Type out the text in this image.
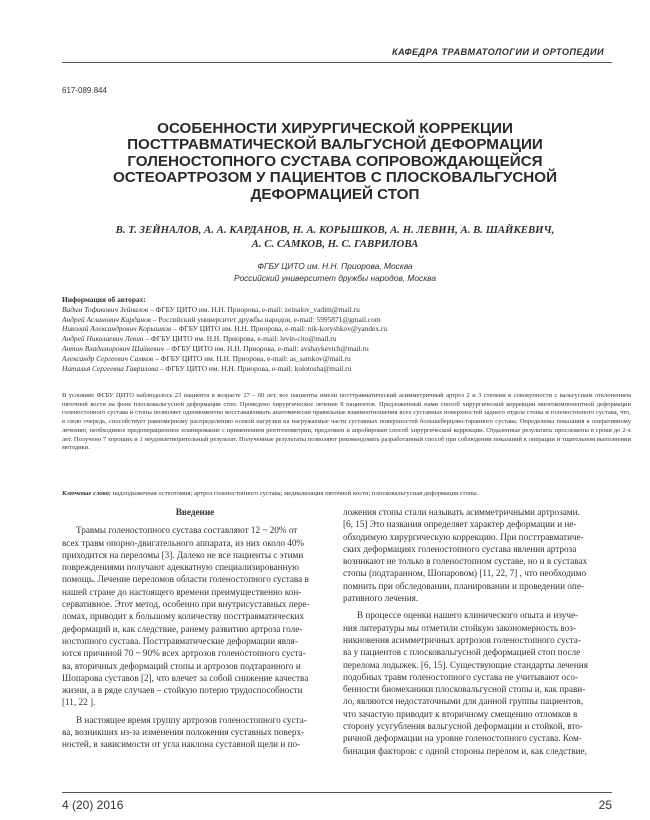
КАФЕДРА ТРАВМАТОЛОГИИ И ОРТОПЕДИИ
617-089.844
ОСОБЕННОСТИ ХИРУРГИЧЕСКОЙ КОРРЕКЦИИ
ПОСТТРАВМАТИЧЕСКОЙ ВАЛЬГУСНОЙ ДЕФОРМАЦИИ
ГОЛЕНОСТОПНОГО СУСТАВА СОПРОВОЖДАЮЩЕЙСЯ
ОСТЕОАРТРОЗОМ У ПАЦИЕНТОВ С ПЛОСКОВАЛЬГУСНОЙ
ДЕФОРМАЦИЕЙ СТОП
В. Т. ЗЕЙНАЛОВ, А. А. КАРДАНОВ, Н. А. КОРЫШКОВ, А. Н. ЛЕВИН, А. В. ШАЙКЕВИЧ,
А. С. САМКОВ, Н. С. ГАВРИЛОВА
ФГБУ ЦИТО им. Н.Н. Приорова, Москва
Российский университет дружбы народов, Москва
Информация об авторах:
Вадим Тофикович Зейналов – ФГБУ ЦИТО им. Н.Н. Приорова, e-mail: zeinalov_vadim@mail.ru
Андрей Асланович Карданов – Российский университет дружбы народов, e-mail: 5995871@gmail.com
Николай Александрович Корышков – ФГБУ ЦИТО им. Н.Н. Приорова, e-mail: nik-koryshkov@yandex.ru
Андрей Николаевич Левин – ФГБУ ЦИТО им. Н.Н. Приорова, e-mail: levin-cito@mail.ru
Антон Владимирович Шайкевич – ФГБУ ЦИТО им. Н.Н. Приорова, e-mail: avshaykevich@mail.ru
Александр Сергеевич Самков – ФГБУ ЦИТО им. Н.Н. Приорова, e-mail: as_samkov@mail.ru
Наталья Сергеевна Гаврилова – ФГБУ ЦИТО им. Н.Н. Приорова, e-mail: kolotosha@mail.ru
В условиях ФГБУ ЦИТО наблюдалось 23 пациента в возрасте 27 – 60 лет, все пациенты имели посттравматический асимметричный артроз 2 и 3 степени в совокупности с вальгусным отклонением пяточной кости на фоне плосковальгусной деформации стоп. Проведено хирургическое лечение 8 пациентов. Предложенный нами способ хирургической коррекции многокомпонентной деформации голеностопного сустава и стопы позволяет одномоментно восстанавливать анатомически правильные взаимоотношения всех суставных поверхностей заднего отдела стопы и голеностопного сустава, что, в свою очередь, способствует равномерному распределению осевой нагрузки на нагружаемые части суставных поверхностей большеберцово-таранного сустава. Определены показания к оперативному лечению, необходимое предоперационное планирование с применением рентгенометрии, предложен и апробирован способ хирургической коррекции. Отдаленные результаты прослежены в сроки до 2-х лет. Получено 7 хороших и 1 неудовлетворительный результат. Полученные результаты позволяют рекомендовать разработанный способ при соблюдении показаний к операции и тщательном выполнении методики.
Ключевые слова: надлодыжечная остеотомия; артроз голеностопного сустава; медиализация пяточной кости; плосковальгусная деформация стопы.
Введение
Травмы голеностопного сустава составляют 12 ~ 20% от
всех травм опорно-двигательного аппарата, из них около 40%
приходится на переломы [3]. Далеко не все пациенты с этими
повреждениями получают адекватную специализированную
помощь. Лечение переломов области голеностопного сустава в
нашей стране до настоящего времени преимущественно кон-
сервативное. Этот метод, особенно при внутрисуставных пере-
ломах, приводит к большому количеству посттравматических
деформаций и, как следствие, ранему развитию артроза голе-
ностопного сустава. Посттравматические деформации явля-
ются причиной 70 ~ 90% всех артрозов голеностопного суста-
ва, вторичных деформаций стопы и артрозов подтаранного и
Шопарова суставов [2], что влечет за собой снижение качества
жизни, а в ряде случаев – стойкую потерю трудоспособности
[11, 22 ].
В настоящее время группу артрозов голеностопного суста-
ва, возникших из-за изменения положения суставных поверх-
ностей, в зависимости от угла наклона суставной щели и по-
ложения стопы стали называть асимметричными артрозами.
[6, 15] Это названия определяет характер деформации и не-
обходимую хирургическую коррекцию. При посттравматиче-
ских деформациях голеностопного сустава явления артроза
возникают не только в голеностопном суставе, но и в суставах
стопы (подтаранном, Шопаровом) [11, 22, 7] , что необходимо
помнить при обследовании, планировании и проведении опе-
ративного лечения.
В процессе оценки нашего клинического опыта и изуче-
ния литературы мы отметили стойкую закономерность воз-
никновения асимметричных артрозов голеностопного суста-
ва у пациентов с плосковальгусной деформацией стоп после
перелома лодыжек. [6, 15]. Существующие стандарты лечения
подобных травм голеностопного сустава не учитывают осо-
бенности биомеханики плосковальгусной стопы и, как прави-
ло, являются недостаточными для данной группы пациентов,
что зачастую приводит к вторичному смещению отломков в
сторону усугубления вальгусной деформации и стойкой, вто-
ричной деформации на уровне голеностопного сустава. Ком-
бинация факторов: с одной стороны перелом и, как следствие,
4 (20) 2016	25
